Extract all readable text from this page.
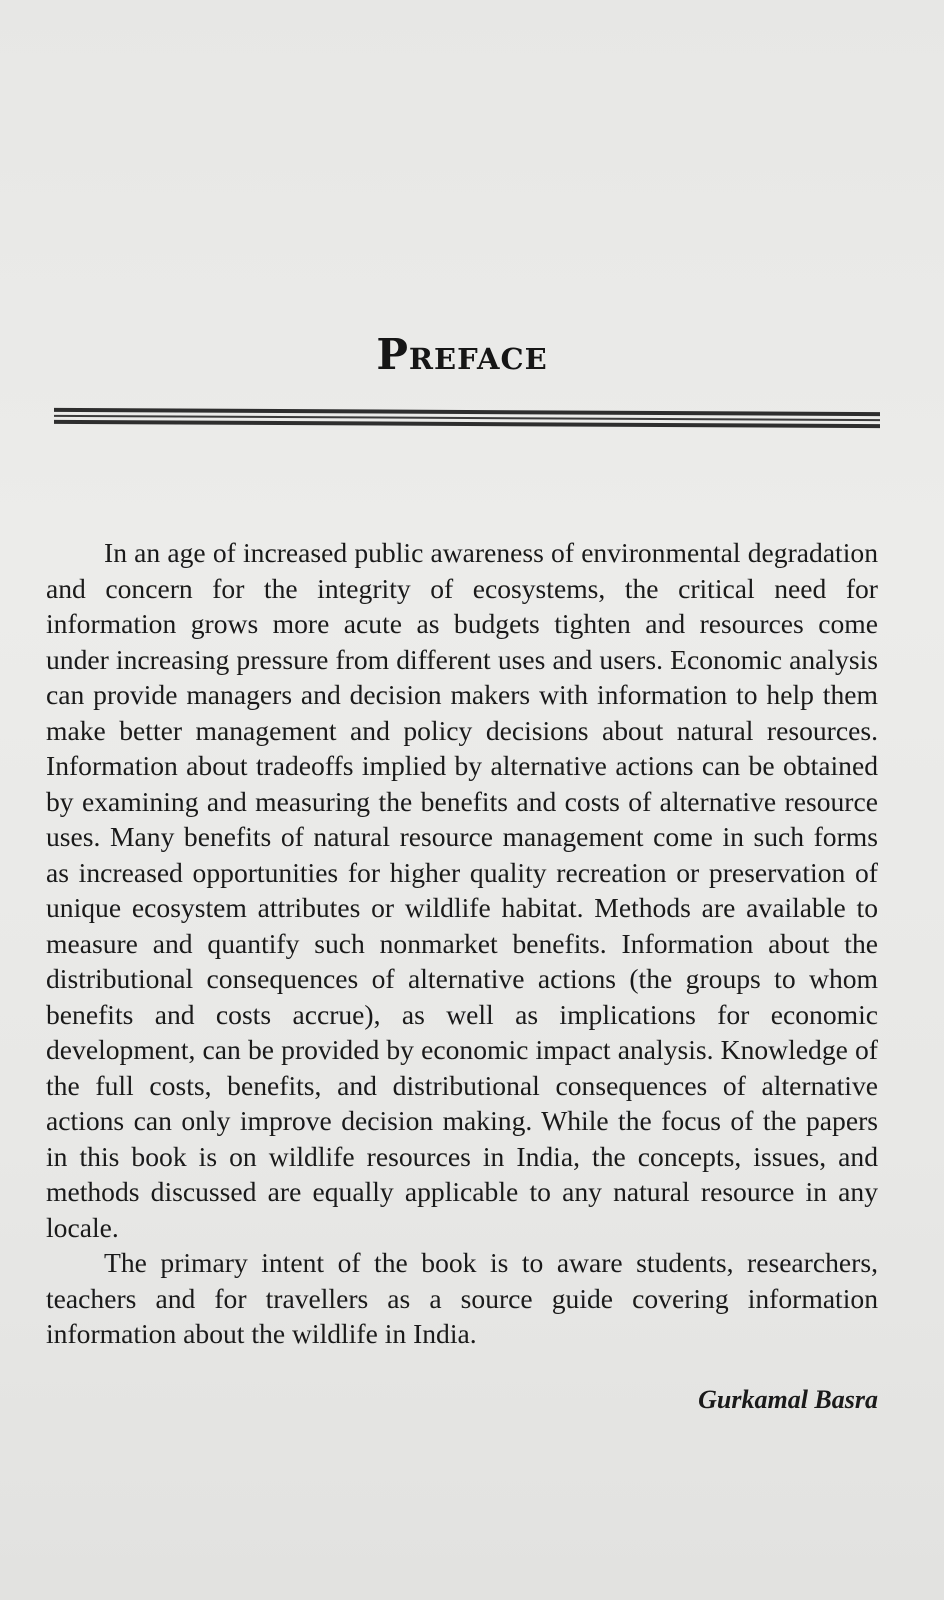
Preface

In an age of increased public awareness of environmental degradation and concern for the integrity of ecosystems, the critical need for information grows more acute as budgets tighten and resources come under increasing pressure from different uses and users. Economic analysis can provide managers and decision makers with information to help them make better management and policy decisions about natural resources. Information about tradeoffs implied by alternative actions can be obtained by examining and measuring the benefits and costs of alternative resource uses. Many benefits of natural resource management come in such forms as increased opportunities for higher quality recreation or preservation of unique ecosystem attributes or wildlife habitat. Methods are available to measure and quantify such nonmarket benefits. Information about the distributional consequences of alternative actions (the groups to whom benefits and costs accrue), as well as implications for economic development, can be provided by economic impact analysis. Knowledge of the full costs, benefits, and distributional consequences of alternative actions can only improve decision making. While the focus of the papers in this book is on wildlife resources in India, the concepts, issues, and methods discussed are equally applicable to any natural resource in any locale.

The primary intent of the book is to aware students, researchers, teachers and for travellers as a source guide covering information information about the wildlife in India.

Gurkamal Basra
